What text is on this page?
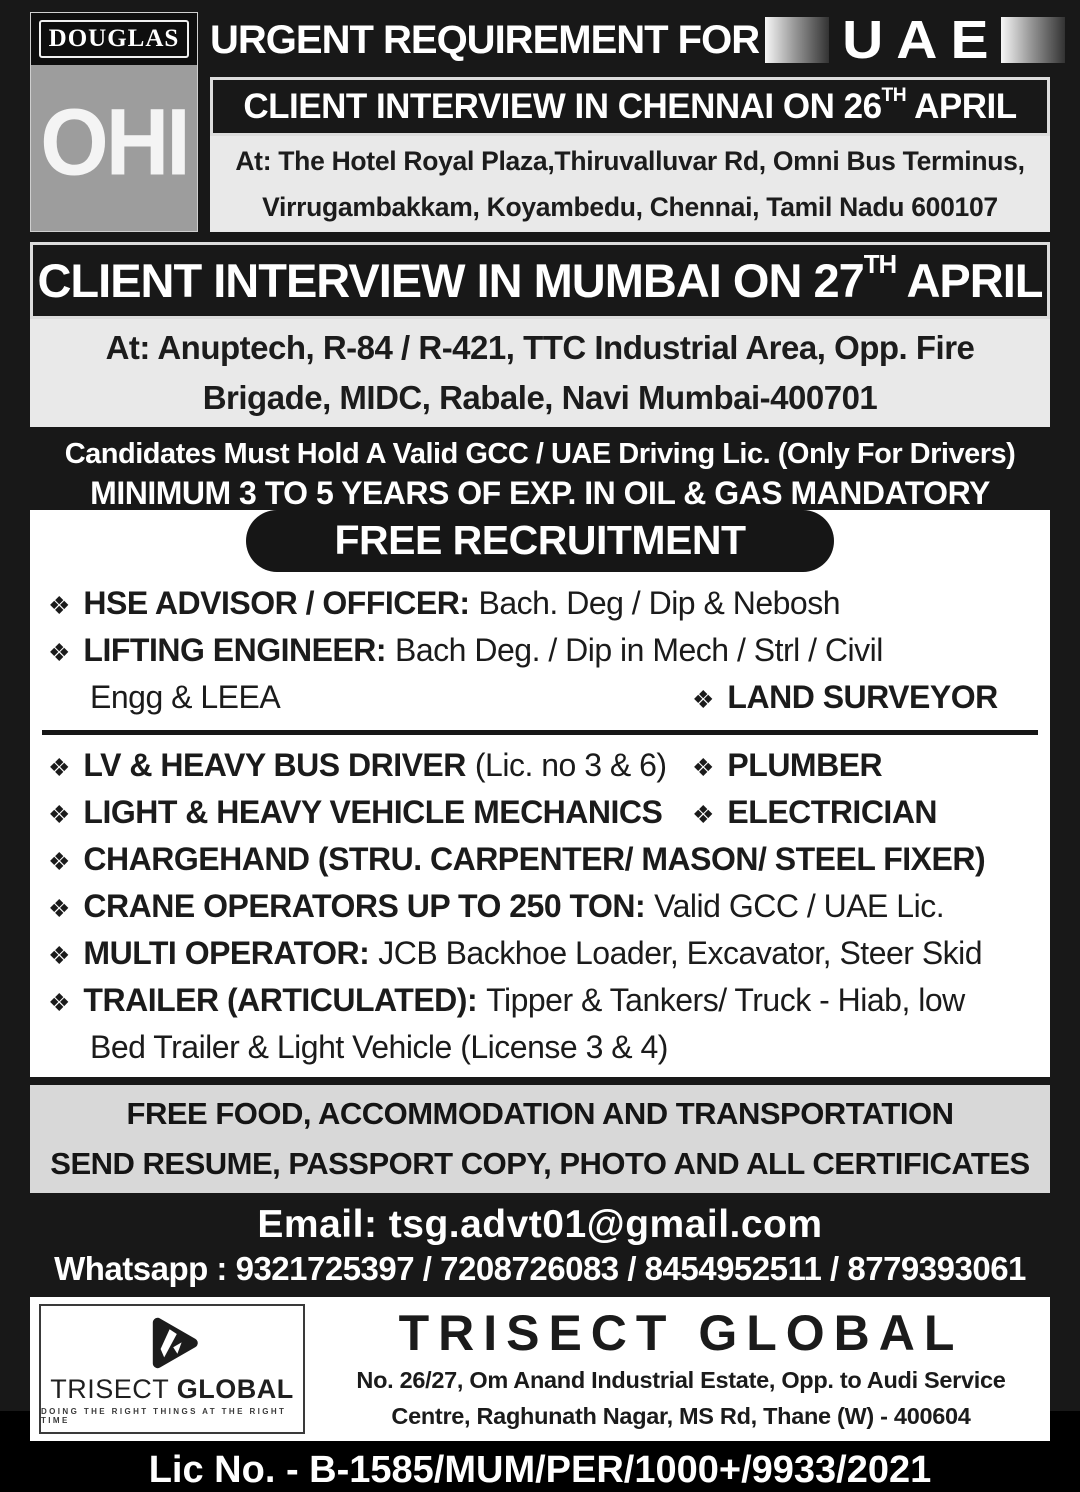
DOUGLAS
OHI
URGENT REQUIREMENT FOR UAE
CLIENT INTERVIEW IN CHENNAI ON 26TH APRIL
At: The Hotel Royal Plaza,Thiruvalluvar Rd, Omni Bus Terminus,
Virrugambakkam, Koyambedu, Chennai, Tamil Nadu 600107
CLIENT INTERVIEW IN MUMBAI ON 27TH APRIL
At: Anuptech, R-84 / R-421, TTC Industrial Area, Opp. Fire
Brigade, MIDC, Rabale, Navi Mumbai-400701
Candidates Must Hold A Valid GCC / UAE Driving Lic. (Only For Drivers)
MINIMUM 3 TO 5 YEARS OF EXP. IN OIL & GAS MANDATORY
FREE RECRUITMENT
❖ HSE ADVISOR / OFFICER: Bach. Deg / Dip & Nebosh
❖ LIFTING ENGINEER: Bach Deg. / Dip in Mech / Strl / Civil
Engg & LEEA	❖ LAND SURVEYOR
❖ LV & HEAVY BUS DRIVER (Lic. no 3 & 6) ❖ PLUMBER
❖ LIGHT & HEAVY VEHICLE MECHANICS ❖ ELECTRICIAN
❖ CHARGEHAND (STRU. CARPENTER/ MASON/ STEEL FIXER)
❖ CRANE OPERATORS UP TO 250 TON: Valid GCC / UAE Lic.
❖ MULTI OPERATOR: JCB Backhoe Loader, Excavator, Steer Skid
❖ TRAILER (ARTICULATED): Tipper & Tankers/ Truck - Hiab, low
Bed Trailer & Light Vehicle (License 3 & 4)
FREE FOOD, ACCOMMODATION AND TRANSPORTATION
SEND RESUME, PASSPORT COPY, PHOTO AND ALL CERTIFICATES
Email: tsg.advt01@gmail.com
Whatsapp : 9321725397 / 7208726083 / 8454952511 / 8779393061
TRISECT GLOBAL
DOING THE RIGHT THINGS AT THE RIGHT TIME
TRISECT GLOBAL
No. 26/27, Om Anand Industrial Estate, Opp. to Audi Service
Centre, Raghunath Nagar, MS Rd, Thane (W) - 400604
Lic No. - B-1585/MUM/PER/1000+/9933/2021
